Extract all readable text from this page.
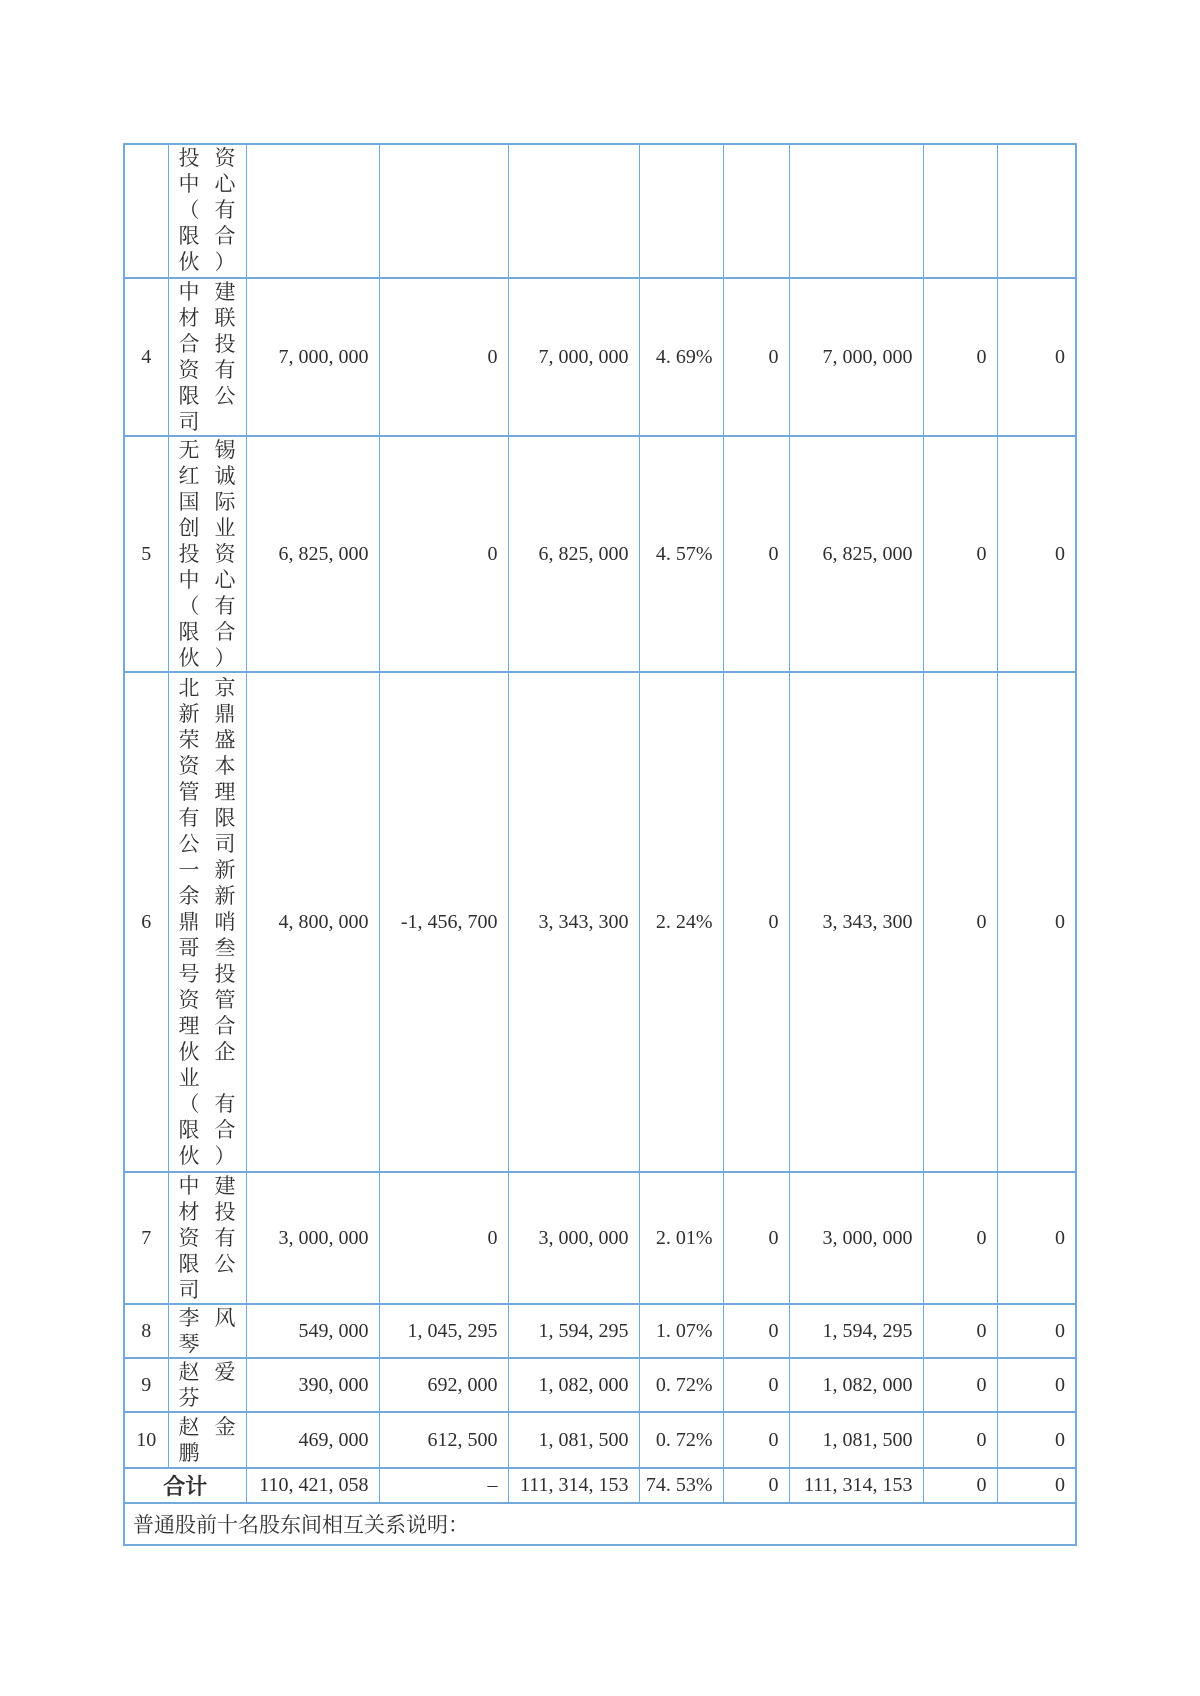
	投资中心（有限合伙）								
4	中建材联合投资有限公司	7, 000, 000	0	7, 000, 000	4. 69%	0	7, 000, 000	0	0
5	无锡红诚国际创业投资中心（有限合伙）	6, 825, 000	0	6, 825, 000	4. 57%	0	6, 825, 000	0	0
6	北京新鼎荣盛资本管理有限公司一新余新鼎哨哥叁号投资管理合伙企业（有限合伙）	4, 800, 000	-1, 456, 700	3, 343, 300	2. 24%	0	3, 343, 300	0	0
7	中建材投资有限公司	3, 000, 000	0	3, 000, 000	2. 01%	0	3, 000, 000	0	0
8	李风琴	549, 000	1, 045, 295	1, 594, 295	1. 07%	0	1, 594, 295	0	0
9	赵爱芬	390, 000	692, 000	1, 082, 000	0. 72%	0	1, 082, 000	0	0
10	赵金鹏	469, 000	612, 500	1, 081, 500	0. 72%	0	1, 081, 500	0	0
合计		110, 421, 058	–	111, 314, 153	74. 53%	0	111, 314, 153	0	0
普通股前十名股东间相互关系说明：									
